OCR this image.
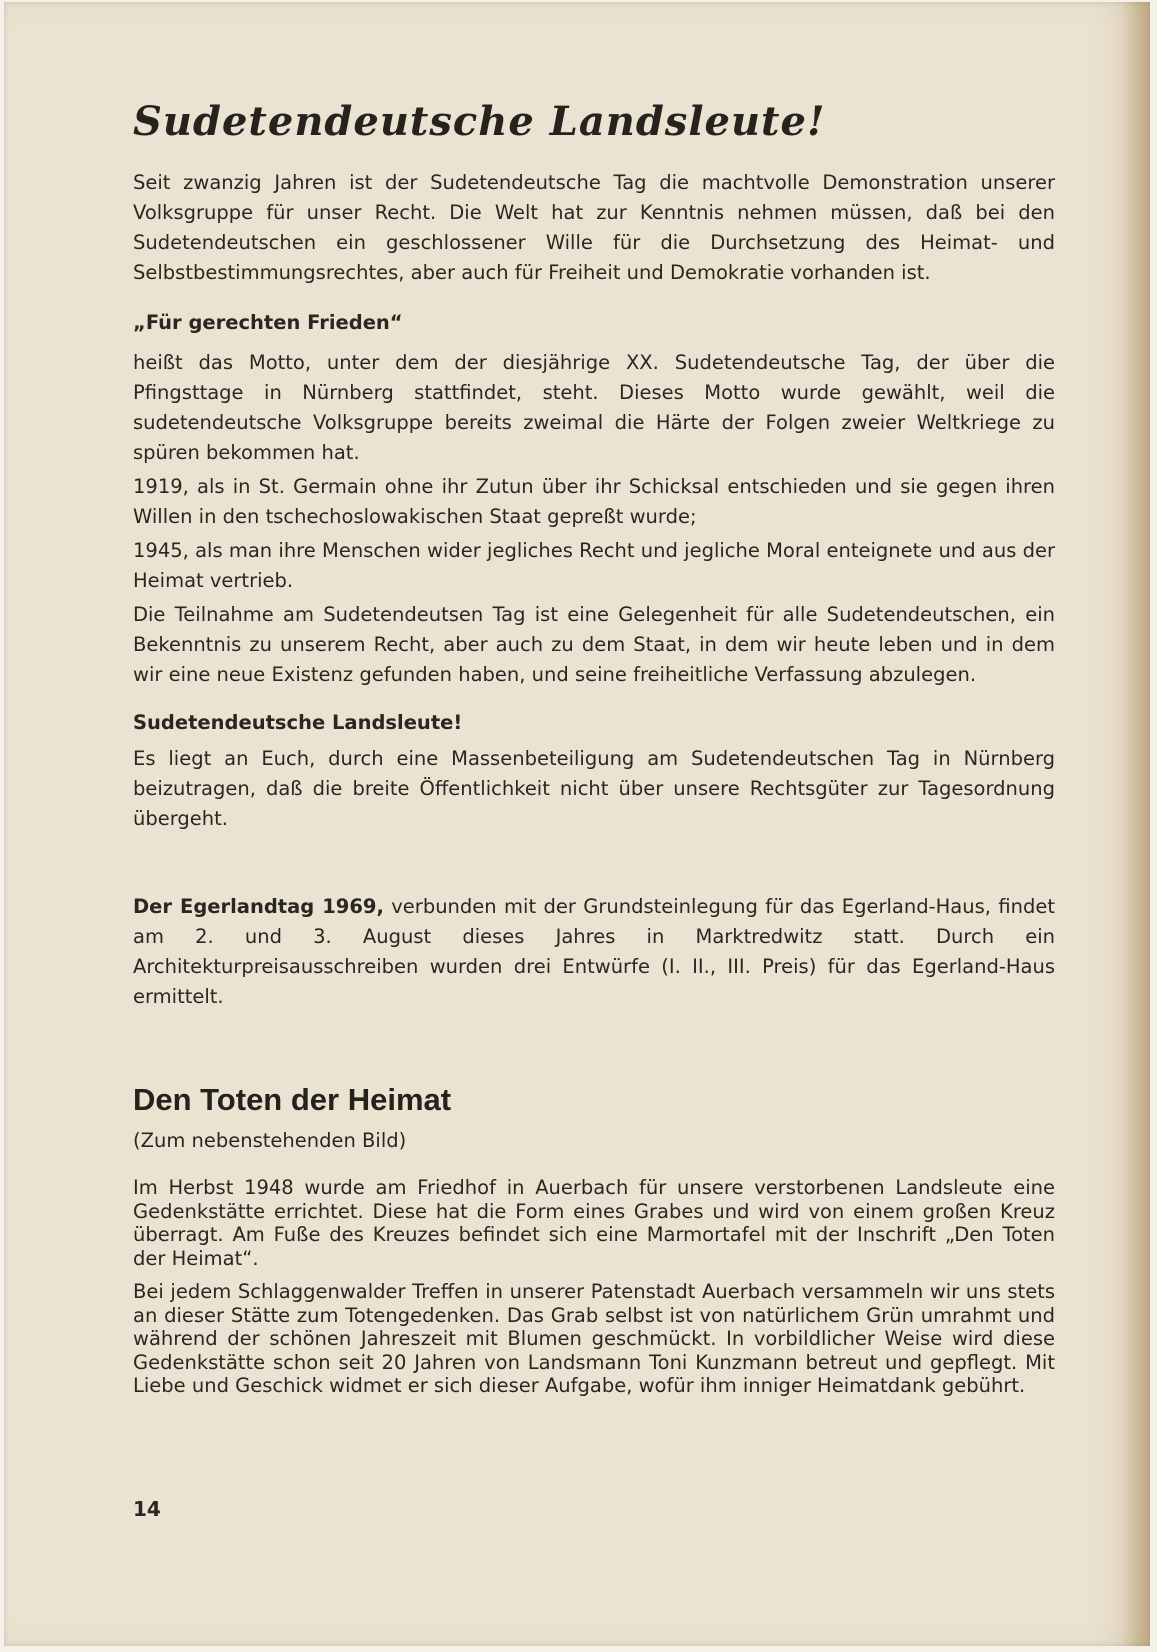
Sudetendeutsche Landsleute!

Seit zwanzig Jahren ist der Sudetendeutsche Tag die machtvolle Demonstration unserer Volksgruppe für unser Recht. Die Welt hat zur Kenntnis nehmen müssen, daß bei den Sudetendeutschen ein geschlossener Wille für die Durchsetzung des Heimat- und Selbstbestimmungsrechtes, aber auch für Freiheit und Demokratie vorhanden ist.

„Für gerechten Frieden“

heißt das Motto, unter dem der diesjährige XX. Sudetendeutsche Tag, der über die Pfingsttage in Nürnberg stattfindet, steht. Dieses Motto wurde gewählt, weil die sudetendeutsche Volksgruppe bereits zweimal die Härte der Folgen zweier Weltkriege zu spüren bekommen hat.

1919, als in St. Germain ohne ihr Zutun über ihr Schicksal entschieden und sie gegen ihren Willen in den tschechoslowakischen Staat gepreßt wurde;

1945, als man ihre Menschen wider jegliches Recht und jegliche Moral enteignete und aus der Heimat vertrieb.

Die Teilnahme am Sudetendeutsen Tag ist eine Gelegenheit für alle Sudetendeutschen, ein Bekenntnis zu unserem Recht, aber auch zu dem Staat, in dem wir heute leben und in dem wir eine neue Existenz gefunden haben, und seine freiheitliche Verfassung abzulegen.

Sudetendeutsche Landsleute!

Es liegt an Euch, durch eine Massenbeteiligung am Sudetendeutschen Tag in Nürnberg beizutragen, daß die breite Öffentlichkeit nicht über unsere Rechtsgüter zur Tagesordnung übergeht.

Der Egerlandtag 1969, verbunden mit der Grundsteinlegung für das Egerland-Haus, findet am 2. und 3. August dieses Jahres in Marktredwitz statt. Durch ein Architekturpreisausschreiben wurden drei Entwürfe (I. II., III. Preis) für das Egerland-Haus ermittelt.

Den Toten der Heimat

(Zum nebenstehenden Bild)

Im Herbst 1948 wurde am Friedhof in Auerbach für unsere verstorbenen Landsleute eine Gedenkstätte errichtet. Diese hat die Form eines Grabes und wird von einem großen Kreuz überragt. Am Fuße des Kreuzes befindet sich eine Marmortafel mit der Inschrift „Den Toten der Heimat“.

Bei jedem Schlaggenwalder Treffen in unserer Patenstadt Auerbach versammeln wir uns stets an dieser Stätte zum Totengedenken. Das Grab selbst ist von natürlichem Grün umrahmt und während der schönen Jahreszeit mit Blumen geschmückt. In vorbildlicher Weise wird diese Gedenkstätte schon seit 20 Jahren von Landsmann Toni Kunzmann betreut und gepflegt. Mit Liebe und Geschick widmet er sich dieser Aufgabe, wofür ihm inniger Heimatdank gebührt.

14
